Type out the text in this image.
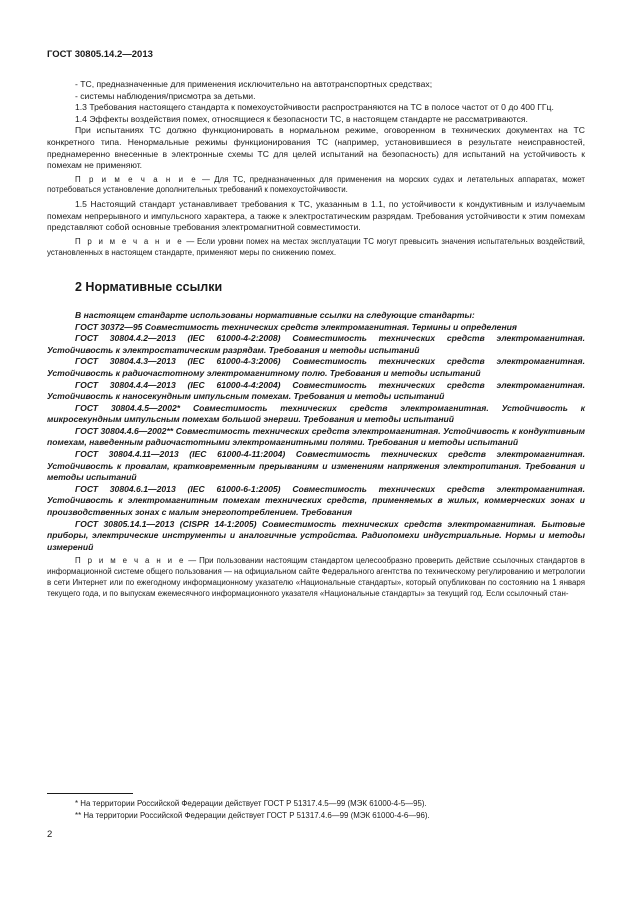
ГОСТ 30805.14.2—2013

- ТС, предназначенные для применения исключительно на автотранспортных средствах;

- системы наблюдения/присмотра за детьми.

1.3 Требования настоящего стандарта к помехоустойчивости распространяются на ТС в полосе частот от 0 до 400 ГГц.

1.4 Эффекты воздействия помех, относящиеся к безопасности ТС, в настоящем стандарте не рассматриваются.

При испытаниях ТС должно функционировать в нормальном режиме, оговоренном в технических документах на ТС конкретного типа. Ненормальные режимы функционирования ТС (например, установившиеся в результате неисправностей, преднамеренно внесенные в электронные схемы ТС для целей испытаний на безопасность) для испытаний на устойчивость к помехам не применяют.

П р и м е ч а н и е — Для ТС, предназначенных для применения на морских судах и летательных аппаратах, может потребоваться установление дополнительных требований к помехоустойчивости.

1.5 Настоящий стандарт устанавливает требования к ТС, указанным в 1.1, по устойчивости к кондуктивным и излучаемым помехам непрерывного и импульсного характера, а также к электростатическим разрядам. Требования устойчивости к этим помехам представляют собой основные требования электромагнитной совместимости.

П р и м е ч а н и е — Если уровни помех на местах эксплуатации ТС могут превысить значения испытательных воздействий, установленных в настоящем стандарте, применяют меры по снижению помех.

2 Нормативные ссылки

В настоящем стандарте использованы нормативные ссылки на следующие стандарты:

ГОСТ 30372—95 Совместимость технических средств электромагнитная. Термины и определения

ГОСТ 30804.4.2—2013 (IEC 61000-4-2:2008) Совместимость технических средств электромагнитная. Устойчивость к электростатическим разрядам. Требования и методы испытаний

ГОСТ 30804.4.3—2013 (IEC 61000-4-3:2006) Совместимость технических средств электромагнитная. Устойчивость к радиочастотному электромагнитному полю. Требования и методы испытаний

ГОСТ 30804.4.4—2013 (IEC 61000-4-4:2004) Совместимость технических средств электромагнитная. Устойчивость к наносекундным импульсным помехам. Требования и методы испытаний

ГОСТ 30804.4.5—2002* Совместимость технических средств электромагнитная. Устойчивость к микросекундным импульсным помехам большой энергии. Требования и методы испытаний

ГОСТ 30804.4.6—2002** Совместимость технических средств электромагнитная. Устойчивость к кондуктивным помехам, наведенным радиочастотными электромагнитными полями. Требования и методы испытаний

ГОСТ 30804.4.11—2013 (IEC 61000-4-11:2004) Совместимость технических средств электромагнитная. Устойчивость к провалам, кратковременным прерываниям и изменениям напряжения электропитания. Требования и методы испытаний

ГОСТ 30804.6.1—2013 (IEC 61000-6-1:2005) Совместимость технических средств электромагнитная. Устойчивость к электромагнитным помехам технических средств, применяемых в жилых, коммерческих зонах и производственных зонах с малым энергопотреблением. Требования

ГОСТ 30805.14.1—2013 (CISPR 14-1:2005) Совместимость технических средств электромагнитная. Бытовые приборы, электрические инструменты и аналогичные устройства. Радиопомехи индустриальные. Нормы и методы измерений

П р и м е ч а н и е — При пользовании настоящим стандартом целесообразно проверить действие ссылочных стандартов в информационной системе общего пользования — на официальном сайте Федерального агентства по техническому регулированию и метрологии в сети Интернет или по ежегодному информационному указателю «Национальные стандарты», который опубликован по состоянию на 1 января текущего года, и по выпускам ежемесячного информационного указателя «Национальные стандарты» за текущий год. Если ссылочный стан-

* На территории Российской Федерации действует ГОСТ Р 51317.4.5—99 (МЭК 61000-4-5—95).

** На территории Российской Федерации действует ГОСТ Р 51317.4.6—99 (МЭК 61000-4-6—96).

2
